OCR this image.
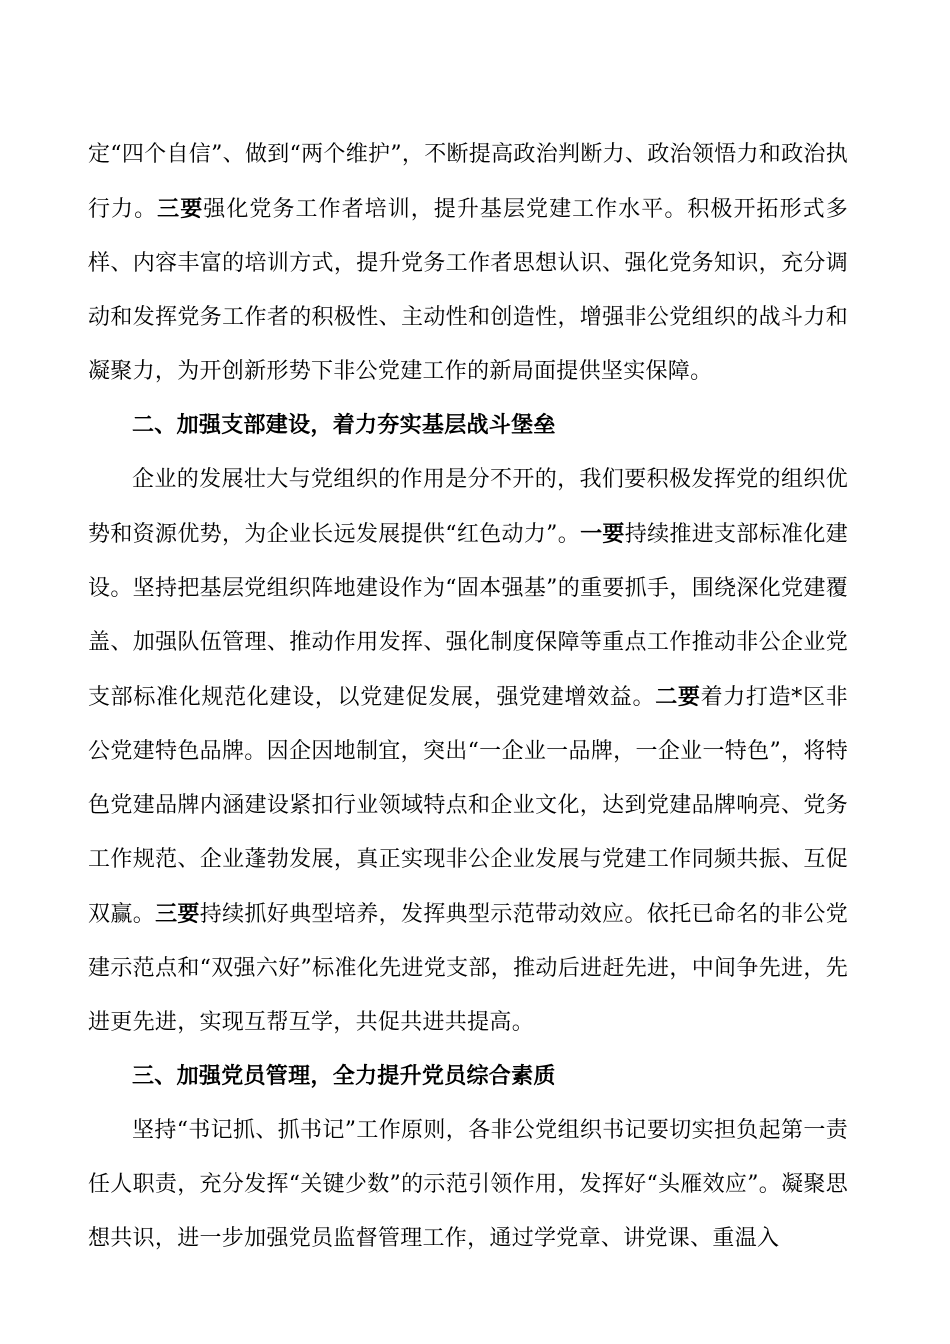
定“四个自信”、做到“两个维护”，不断提高政治判断力、政治领悟力和政治执行力。三要强化党务工作者培训，提升基层党建工作水平。积极开拓形式多样、内容丰富的培训方式，提升党务工作者思想认识、强化党务知识，充分调动和发挥党务工作者的积极性、主动性和创造性，增强非公党组织的战斗力和凝聚力，为开创新形势下非公党建工作的新局面提供坚实保障。

二、加强支部建设，着力夯实基层战斗堡垒

企业的发展壮大与党组织的作用是分不开的，我们要积极发挥党的组织优势和资源优势，为企业长远发展提供“红色动力”。一要持续推进支部标准化建设。坚持把基层党组织阵地建设作为“固本强基”的重要抓手，围绕深化党建覆盖、加强队伍管理、推动作用发挥、强化制度保障等重点工作推动非公企业党支部标准化规范化建设，以党建促发展，强党建增效益。二要着力打造*区非公党建特色品牌。因企因地制宜，突出“一企业一品牌，一企业一特色”，将特色党建品牌内涵建设紧扣行业领域特点和企业文化，达到党建品牌响亮、党务工作规范、企业蓬勃发展，真正实现非公企业发展与党建工作同频共振、互促双赢。三要持续抓好典型培养，发挥典型示范带动效应。依托已命名的非公党建示范点和“双强六好”标准化先进党支部，推动后进赶先进，中间争先进，先进更先进，实现互帮互学，共促共进共提高。

三、加强党员管理，全力提升党员综合素质

坚持“书记抓、抓书记”工作原则，各非公党组织书记要切实担负起第一责任人职责，充分发挥“关键少数”的示范引领作用，发挥好“头雁效应”。凝聚思想共识，进一步加强党员监督管理工作，通过学党章、讲党课、重温入
